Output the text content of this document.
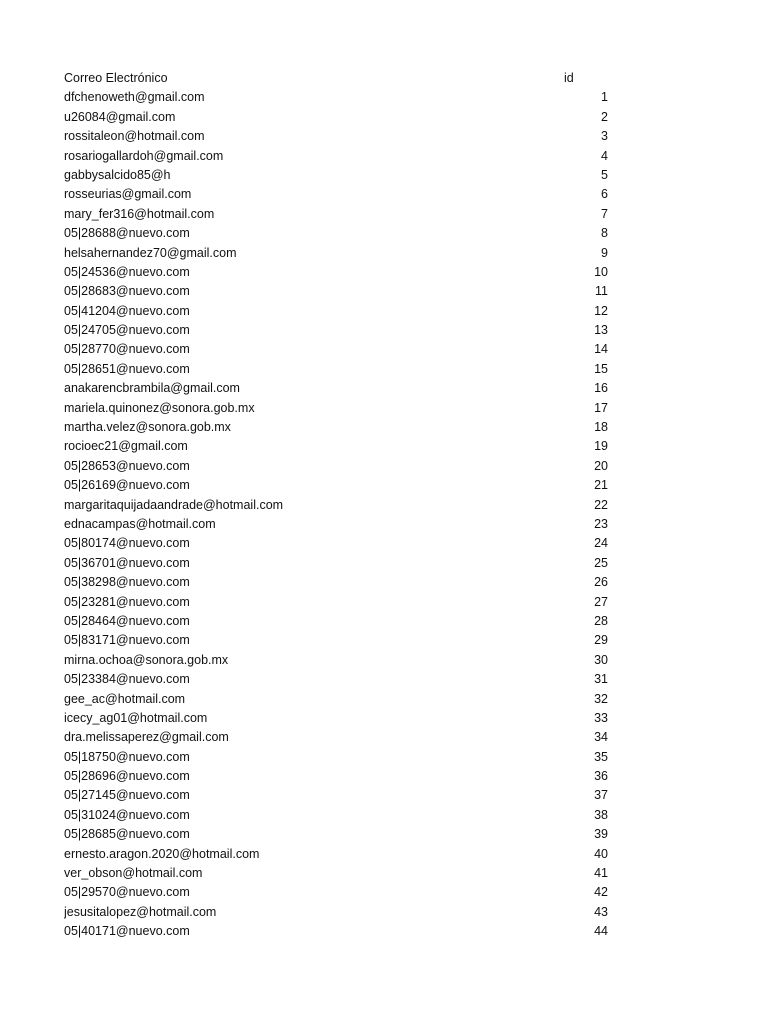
Correo Electrónico	id
dfchenoweth@gmail.com	1
u26084@gmail.com	2
rossitaleon@hotmail.com	3
rosariogallardoh@gmail.com	4
gabbysalcido85@h	5
rosseurias@gmail.com	6
mary_fer316@hotmail.com	7
05|28688@nuevo.com	8
helsahernandez70@gmail.com	9
05|24536@nuevo.com	10
05|28683@nuevo.com	11
05|41204@nuevo.com	12
05|24705@nuevo.com	13
05|28770@nuevo.com	14
05|28651@nuevo.com	15
anakarencbrambila@gmail.com	16
mariela.quinonez@sonora.gob.mx	17
martha.velez@sonora.gob.mx	18
rocioec21@gmail.com	19
05|28653@nuevo.com	20
05|26169@nuevo.com	21
margaritaquijadaandrade@hotmail.com	22
ednacampas@hotmail.com	23
05|80174@nuevo.com	24
05|36701@nuevo.com	25
05|38298@nuevo.com	26
05|23281@nuevo.com	27
05|28464@nuevo.com	28
05|83171@nuevo.com	29
mirna.ochoa@sonora.gob.mx	30
05|23384@nuevo.com	31
gee_ac@hotmail.com	32
icecy_ag01@hotmail.com	33
dra.melissaperez@gmail.com	34
05|18750@nuevo.com	35
05|28696@nuevo.com	36
05|27145@nuevo.com	37
05|31024@nuevo.com	38
05|28685@nuevo.com	39
ernesto.aragon.2020@hotmail.com	40
ver_obson@hotmail.com	41
05|29570@nuevo.com	42
jesusitalopez@hotmail.com	43
05|40171@nuevo.com	44
